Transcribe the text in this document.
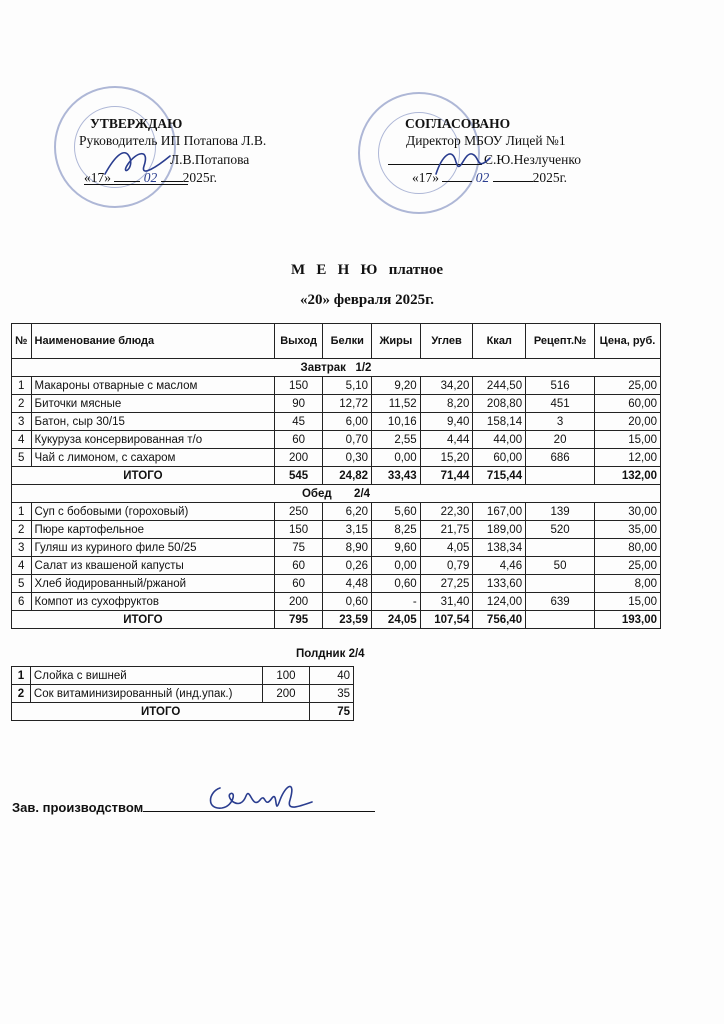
УТВЕРЖДАЮ
Руководитель ИП Потапова Л.В.
Л.В.Потапова
«17» 02 2025г.
СОГЛАСОВАНО
Директор МБОУ Лицей №1
С.Ю.Незлученко
«17»	02	2025г.
М   Е   Н   Ю   платное
«20» февраля 2025г.
№	Наименование блюда	Выход	Белки	Жиры	Углев	Ккал	Рецепт.№	Цена, руб.
Завтрак   1/2								
1	Макароны отварные с маслом	150	5,10	9,20	34,20	244,50	516	25,00
2	Биточки мясные	90	12,72	11,52	8,20	208,80	451	60,00
3	Батон, сыр 30/15	45	6,00	10,16	9,40	158,14	3	20,00
4	Кукуруза консервированная т/о	60	0,70	2,55	4,44	44,00	20	15,00
5	Чай с лимоном, с сахаром	200	0,30	0,00	15,20	60,00	686	12,00
ИТОГО		545	24,82	33,43	71,44	715,44		132,00
Обед       2/4								
1	Суп с бобовыми (гороховый)	250	6,20	5,60	22,30	167,00	139	30,00
2	Пюре картофельное	150	3,15	8,25	21,75	189,00	520	35,00
3	Гуляш из куриного филе 50/25	75	8,90	9,60	4,05	138,34		80,00
4	Салат из квашеной капусты	60	0,26	0,00	0,79	4,46	50	25,00
5	Хлеб йодированный/ржаной	60	4,48	0,60	27,25	133,60		8,00
6	Компот из сухофруктов	200	0,60	-	31,40	124,00	639	15,00
ИТОГО		795	23,59	24,05	107,54	756,40		193,00
Полдник 2/4
1	Слойка с вишней	100	40
2	Сок витаминизированный (инд.упак.)	200	35
ИТОГО			75
Зав. производством
